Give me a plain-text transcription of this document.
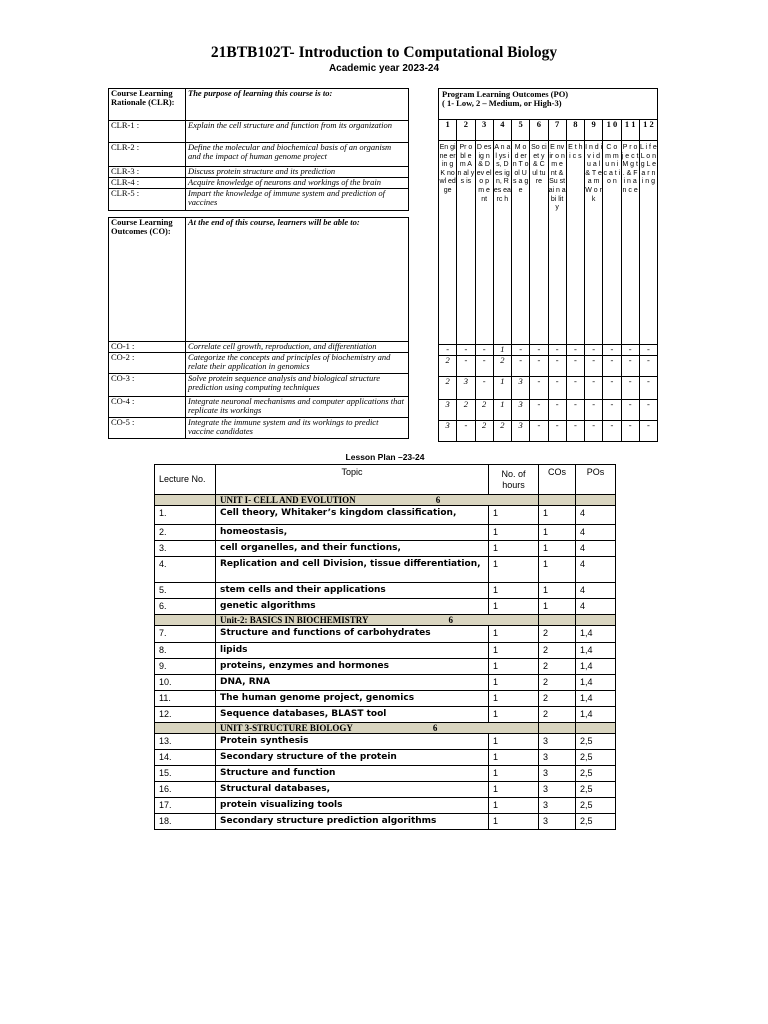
21BTB102T- Introduction to Computational Biology
Academic year 2023-24
Course Learning Rationale (CLR):	The purpose of learning this course is to:
CLR-1 :	Explain the cell structure and function from its organization
CLR-2 :	Define the molecular and biochemical basis of an organism and the impact of human genome project
CLR-3 :	Discuss protein structure and its prediction
CLR-4 :	Acquire knowledge of neurons and workings of the brain
CLR-5 :	Impart the knowledge of immune system and prediction of vaccines
Course Learning Outcomes (CO):	At the end of this course, learners will be able to:
CO-1 :	Correlate cell growth, reproduction, and differentiation
CO-2 :	Categorize the concepts and principles of biochemistry and relate their application in genomics
CO-3 :	Solve protein sequence analysis and biological structure prediction using computing techniques
CO-4 :	Integrate neuronal mechanisms and computer applications that replicate its workings
CO-5 :	Integrate the immune system and its workings to predict vaccine candidates
Program Learning Outcomes (PO)
( 1- Low, 2 – Medium, or High-3)											

1	2	3	4	5	6	7	8	9	1 0	1 1	1 2
En gi ne er in g K no wl ed ge	Pr o bl e m A n al ys is	D es ig n & D ev el o p m e nt	A n al ys is, D es ig n, R es ea rc h	M o d er n T o ol U s a g e	So ci et y & C ul tu re	E nv ir o n m e nt & Su st ai n a bi lit y	E t h i c s	I n d i v i d u a l & T e a m W o r k	C o m m u n i c a t i o n	P r o j e c t M g t . & F i n a n c e	L i f e L o n g L e a r n i n g
-	-	-	1	-	-	-	-	-	-	-	-
2	-	-	2	-	-	-	-	-	-	-	-
2	3	-	1	3	-	-	-	-	-	-	-
3	2	2	1	3	-	-	-	-	-	-	-
3	-	2	2	3	-	-	-	-	-	-	-
Lesson Plan –23-24
Lecture No.	Topic	No. of hours	COs	POs
	UNIT I- CELL AND EVOLUTION 6			
1.	Cell theory, Whitaker’s kingdom classification,	1	1	4
2.	homeostasis,	1	1	4
3.	cell organelles, and their functions,	1	1	4
4.	Replication and cell Division, tissue differentiation,	1	1	4
5.	stem cells and their applications	1	1	4
6.	genetic algorithms	1	1	4
	Unit-2: BASICS IN BIOCHEMISTRY 6			
7.	Structure and functions of carbohydrates	1	2	1,4
8.	lipids	1	2	1,4
9.	proteins, enzymes and hormones	1	2	1,4
10.	DNA, RNA	1	2	1,4
11.	The human genome project, genomics	1	2	1,4
12.	Sequence databases, BLAST tool	1	2	1,4
	UNIT 3-STRUCTURE BIOLOGY 6			
13.	Protein synthesis	1	3	2,5
14.	Secondary structure of the protein	1	3	2,5
15.	Structure and function	1	3	2,5
16.	Structural databases,	1	3	2,5
17.	protein visualizing tools	1	3	2,5
18.	Secondary structure prediction algorithms	1	3	2,5
